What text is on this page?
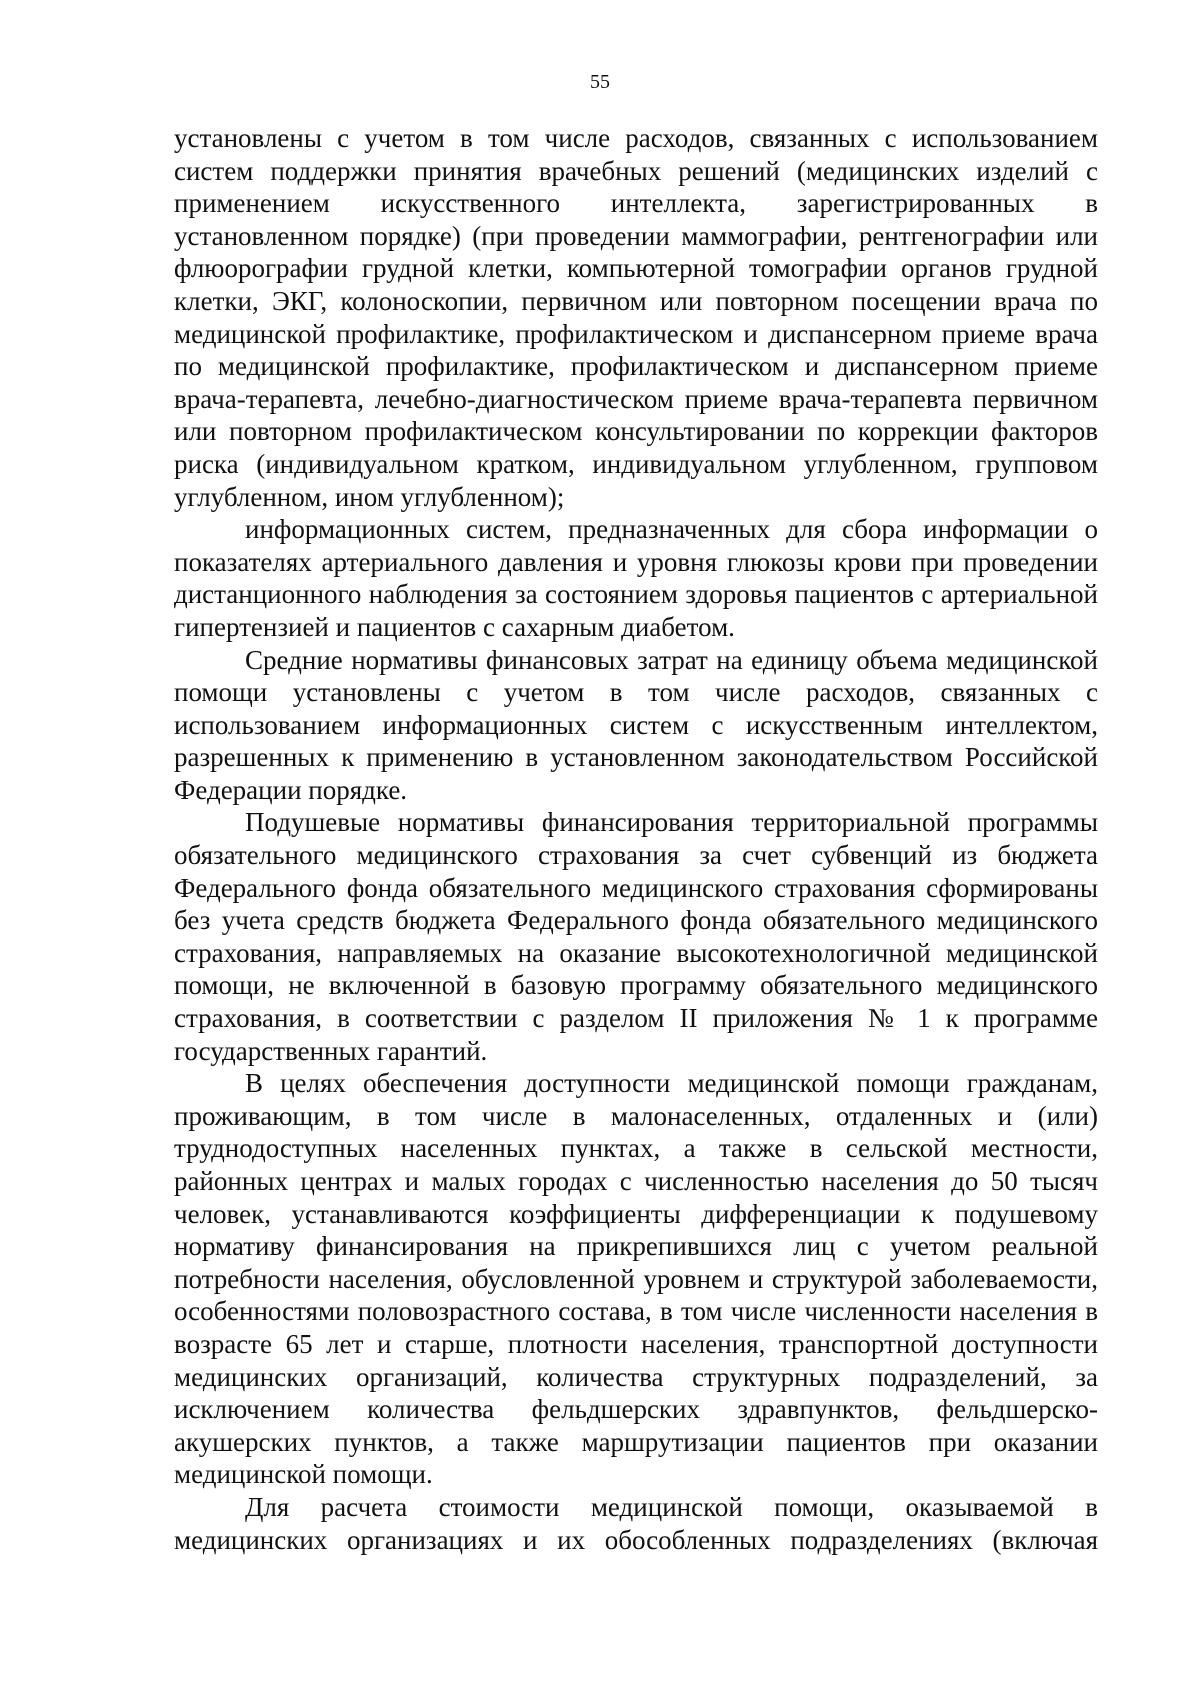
55

установлены с учетом в том числе расходов, связанных с использованием систем поддержки принятия врачебных решений (медицинских изделий с применением искусственного интеллекта, зарегистрированных в установленном порядке) (при проведении маммографии, рентгенографии или флюорографии грудной клетки, компьютерной томографии органов грудной клетки, ЭКГ, колоноскопии, первичном или повторном посещении врача по медицинской профилактике, профилактическом и диспансерном приеме врача по медицинской профилактике, профилактическом и диспансерном приеме врача-терапевта, лечебно-диагностическом приеме врача-терапевта первичном или повторном профилактическом консультировании по коррекции факторов риска (индивидуальном кратком, индивидуальном углубленном, групповом углубленном, ином углубленном);

информационных систем, предназначенных для сбора информации о показателях артериального давления и уровня глюкозы крови при проведении дистанционного наблюдения за состоянием здоровья пациентов с артериальной гипертензией и пациентов с сахарным диабетом.

Средние нормативы финансовых затрат на единицу объема медицинской помощи установлены с учетом в том числе расходов, связанных с использованием информационных систем с искусственным интеллектом, разрешенных к применению в установленном законодательством Российской Федерации порядке.

Подушевые нормативы финансирования территориальной программы обязательного медицинского страхования за счет субвенций из бюджета Федерального фонда обязательного медицинского страхования сформированы без учета средств бюджета Федерального фонда обязательного медицинского страхования, направляемых на оказание высокотехнологичной медицинской помощи, не включенной в базовую программу обязательного медицинского страхования, в соответствии с разделом II приложения № 1 к программе государственных гарантий.

В целях обеспечения доступности медицинской помощи гражданам, проживающим, в том числе в малонаселенных, отдаленных и (или) труднодоступных населенных пунктах, а также в сельской местности, районных центрах и малых городах с численностью населения до 50 тысяч человек, устанавливаются коэффициенты дифференциации к подушевому нормативу финансирования на прикрепившихся лиц с учетом реальной потребности населения, обусловленной уровнем и структурой заболеваемости, особенностями половозрастного состава, в том числе численности населения в возрасте 65 лет и старше, плотности населения, транспортной доступности медицинских организаций, количества структурных подразделений, за исключением количества фельдшерских здравпунктов, фельдшерско-акушерских пунктов, а также маршрутизации пациентов при оказании медицинской помощи.

Для расчета стоимости медицинской помощи, оказываемой в медицинских организациях и их обособленных подразделениях (включая
